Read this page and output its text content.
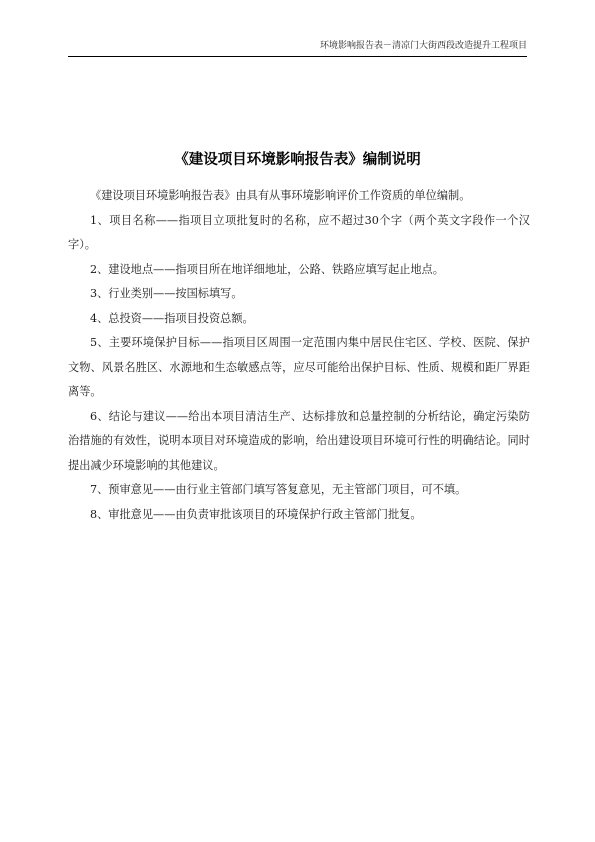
环境影响报告表－清凉门大街西段改造提升工程项目
《建设项目环境影响报告表》编制说明

《建设项目环境影响报告表》由具有从事环境影响评价工作资质的单位编制。

1、项目名称——指项目立项批复时的名称，应不超过30个字（两个英文字段作一个汉字）。

2、建设地点——指项目所在地详细地址，公路、铁路应填写起止地点。

3、行业类别——按国标填写。

4、总投资——指项目投资总额。

5、主要环境保护目标——指项目区周围一定范围内集中居民住宅区、学校、医院、保护文物、风景名胜区、水源地和生态敏感点等，应尽可能给出保护目标、性质、规模和距厂界距离等。

6、结论与建议——给出本项目清洁生产、达标排放和总量控制的分析结论，确定污染防治措施的有效性，说明本项目对环境造成的影响，给出建设项目环境可行性的明确结论。同时提出减少环境影响的其他建议。

7、预审意见——由行业主管部门填写答复意见，无主管部门项目，可不填。

8、审批意见——由负责审批该项目的环境保护行政主管部门批复。
